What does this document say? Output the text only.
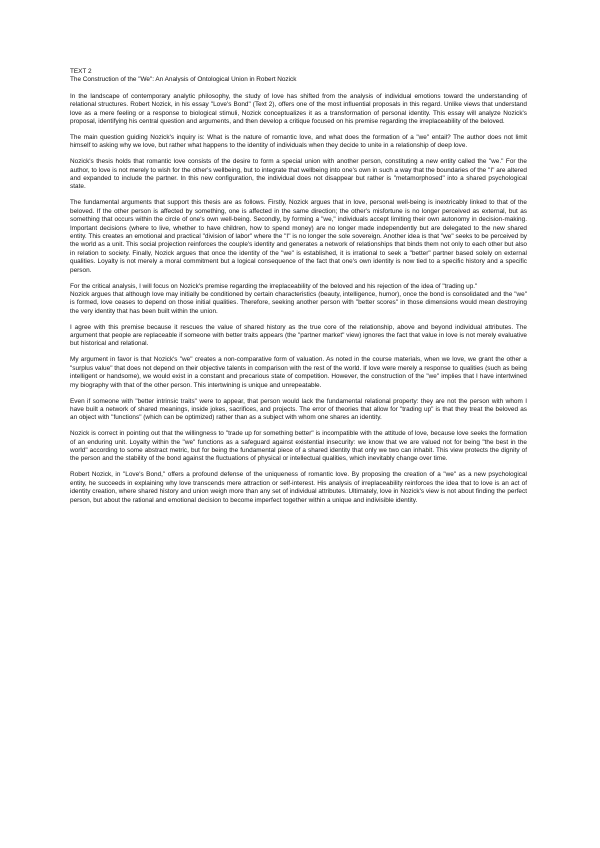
TEXT 2
The Construction of the "We": An Analysis of Ontological Union in Robert Nozick

In the landscape of contemporary analytic philosophy, the study of love has shifted from the analysis of individual emotions toward the understanding of relational structures. Robert Nozick, in his essay "Love's Bond" (Text 2), offers one of the most influential proposals in this regard. Unlike views that understand love as a mere feeling or a response to biological stimuli, Nozick conceptualizes it as a transformation of personal identity. This essay will analyze Nozick's proposal, identifying his central question and arguments, and then develop a critique focused on his premise regarding the irreplaceability of the beloved.

The main question guiding Nozick's inquiry is: What is the nature of romantic love, and what does the formation of a "we" entail? The author does not limit himself to asking why we love, but rather what happens to the identity of individuals when they decide to unite in a relationship of deep love.

Nozick's thesis holds that romantic love consists of the desire to form a special union with another person, constituting a new entity called the "we." For the author, to love is not merely to wish for the other's wellbeing, but to integrate that wellbeing into one's own in such a way that the boundaries of the "I" are altered and expanded to include the partner. In this new configuration, the individual does not disappear but rather is "metamorphosed" into a shared psychological state.

The fundamental arguments that support this thesis are as follows. Firstly, Nozick argues that in love, personal well-being is inextricably linked to that of the beloved. If the other person is affected by something, one is affected in the same direction; the other's misfortune is no longer perceived as external, but as something that occurs within the circle of one's own well-being. Secondly, by forming a "we," individuals accept limiting their own autonomy in decision-making. Important decisions (where to live, whether to have children, how to spend money) are no longer made independently but are delegated to the new shared entity. This creates an emotional and practical "division of labor" where the "I" is no longer the sole sovereign. Another idea is that "we" seeks to be perceived by the world as a unit. This social projection reinforces the couple's identity and generates a network of relationships that binds them not only to each other but also in relation to society. Finally, Nozick argues that once the identity of the "we" is established, it is irrational to seek a "better" partner based solely on external qualities. Loyalty is not merely a moral commitment but a logical consequence of the fact that one's own identity is now tied to a specific history and a specific person.

For the critical analysis, I will focus on Nozick's premise regarding the irreplaceability of the beloved and his rejection of the idea of "trading up."

Nozick argues that although love may initially be conditioned by certain characteristics (beauty, intelligence, humor), once the bond is consolidated and the "we" is formed, love ceases to depend on those initial qualities. Therefore, seeking another person with "better scores" in those dimensions would mean destroying the very identity that has been built within the union.

I agree with this premise because it rescues the value of shared history as the true core of the relationship, above and beyond individual attributes. The argument that people are replaceable if someone with better traits appears (the "partner market" view) ignores the fact that value in love is not merely evaluative but historical and relational.

My argument in favor is that Nozick's "we" creates a non-comparative form of valuation. As noted in the course materials, when we love, we grant the other a "surplus value" that does not depend on their objective talents in comparison with the rest of the world. If love were merely a response to qualities (such as being intelligent or handsome), we would exist in a constant and precarious state of competition. However, the construction of the "we" implies that I have intertwined my biography with that of the other person. This intertwining is unique and unrepeatable.

Even if someone with "better intrinsic traits" were to appear, that person would lack the fundamental relational property: they are not the person with whom I have built a network of shared meanings, inside jokes, sacrifices, and projects. The error of theories that allow for "trading up" is that they treat the beloved as an object with "functions" (which can be optimized) rather than as a subject with whom one shares an identity.

Nozick is correct in pointing out that the willingness to "trade up for something better" is incompatible with the attitude of love, because love seeks the formation of an enduring unit. Loyalty within the "we" functions as a safeguard against existential insecurity: we know that we are valued not for being "the best in the world" according to some abstract metric, but for being the fundamental piece of a shared identity that only we two can inhabit. This view protects the dignity of the person and the stability of the bond against the fluctuations of physical or intellectual qualities, which inevitably change over time.

Robert Nozick, in "Love's Bond," offers a profound defense of the uniqueness of romantic love. By proposing the creation of a "we" as a new psychological entity, he succeeds in explaining why love transcends mere attraction or self-interest. His analysis of irreplaceability reinforces the idea that to love is an act of identity creation, where shared history and union weigh more than any set of individual attributes. Ultimately, love in Nozick's view is not about finding the perfect person, but about the rational and emotional decision to become imperfect together within a unique and indivisible identity.
